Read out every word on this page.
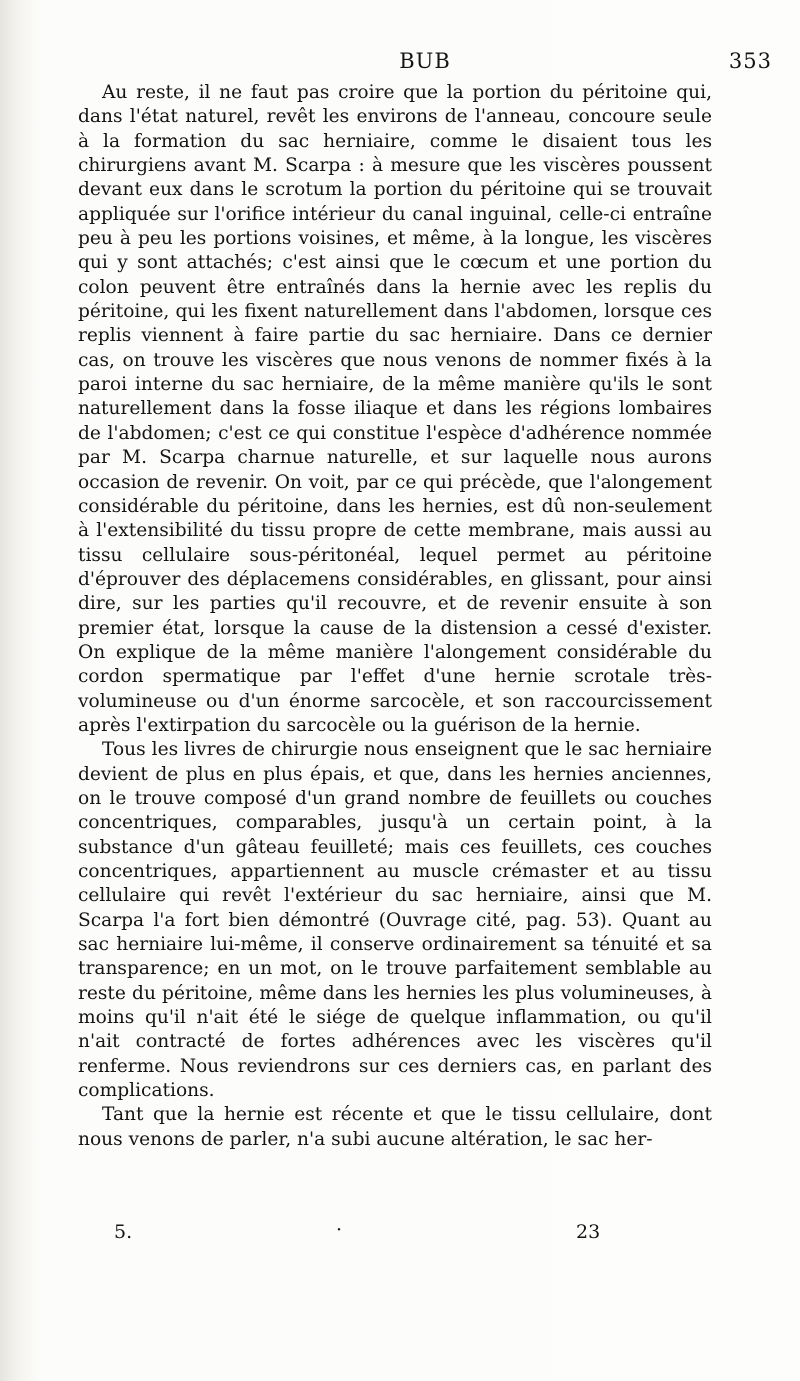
BUB	353

Au reste, il ne faut pas croire que la portion du péritoine qui, dans l'état naturel, revêt les environs de l'anneau, concoure seule à la formation du sac herniaire, comme le disaient tous les chirurgiens avant M. Scarpa : à mesure que les viscères poussent devant eux dans le scrotum la portion du péritoine qui se trouvait appliquée sur l'orifice intérieur du canal inguinal, celle-ci entraîne peu à peu les portions voisines, et même, à la longue, les viscères qui y sont attachés; c'est ainsi que le cœcum et une portion du colon peuvent être entraînés dans la hernie avec les replis du péritoine, qui les fixent naturellement dans l'abdomen, lorsque ces replis viennent à faire partie du sac herniaire. Dans ce dernier cas, on trouve les viscères que nous venons de nommer fixés à la paroi interne du sac herniaire, de la même manière qu'ils le sont naturellement dans la fosse iliaque et dans les régions lombaires de l'abdomen; c'est ce qui constitue l'espèce d'adhérence nommée par M. Scarpa charnue naturelle, et sur laquelle nous aurons occasion de revenir. On voit, par ce qui précède, que l'alongement considérable du péritoine, dans les hernies, est dû non-seulement à l'extensibilité du tissu propre de cette membrane, mais aussi au tissu cellulaire sous-péritonéal, lequel permet au péritoine d'éprouver des déplacemens considérables, en glissant, pour ainsi dire, sur les parties qu'il recouvre, et de revenir ensuite à son premier état, lorsque la cause de la distension a cessé d'exister. On explique de la même manière l'alongement considérable du cordon spermatique par l'effet d'une hernie scrotale très-volumineuse ou d'un énorme sarcocèle, et son raccourcissement après l'extirpation du sarcocèle ou la guérison de la hernie.

Tous les livres de chirurgie nous enseignent que le sac herniaire devient de plus en plus épais, et que, dans les hernies anciennes, on le trouve composé d'un grand nombre de feuillets ou couches concentriques, comparables, jusqu'à un certain point, à la substance d'un gâteau feuilleté; mais ces feuillets, ces couches concentriques, appartiennent au muscle crémaster et au tissu cellulaire qui revêt l'extérieur du sac herniaire, ainsi que M. Scarpa l'a fort bien démontré (Ouvrage cité, pag. 53). Quant au sac herniaire lui-même, il conserve ordinairement sa ténuité et sa transparence; en un mot, on le trouve parfaitement semblable au reste du péritoine, même dans les hernies les plus volumineuses, à moins qu'il n'ait été le siége de quelque inflammation, ou qu'il n'ait contracté de fortes adhérences avec les viscères qu'il renferme. Nous reviendrons sur ces derniers cas, en parlant des complications.

Tant que la hernie est récente et que le tissu cellulaire, dont nous venons de parler, n'a subi aucune altération, le sac her-

5.	·	23
